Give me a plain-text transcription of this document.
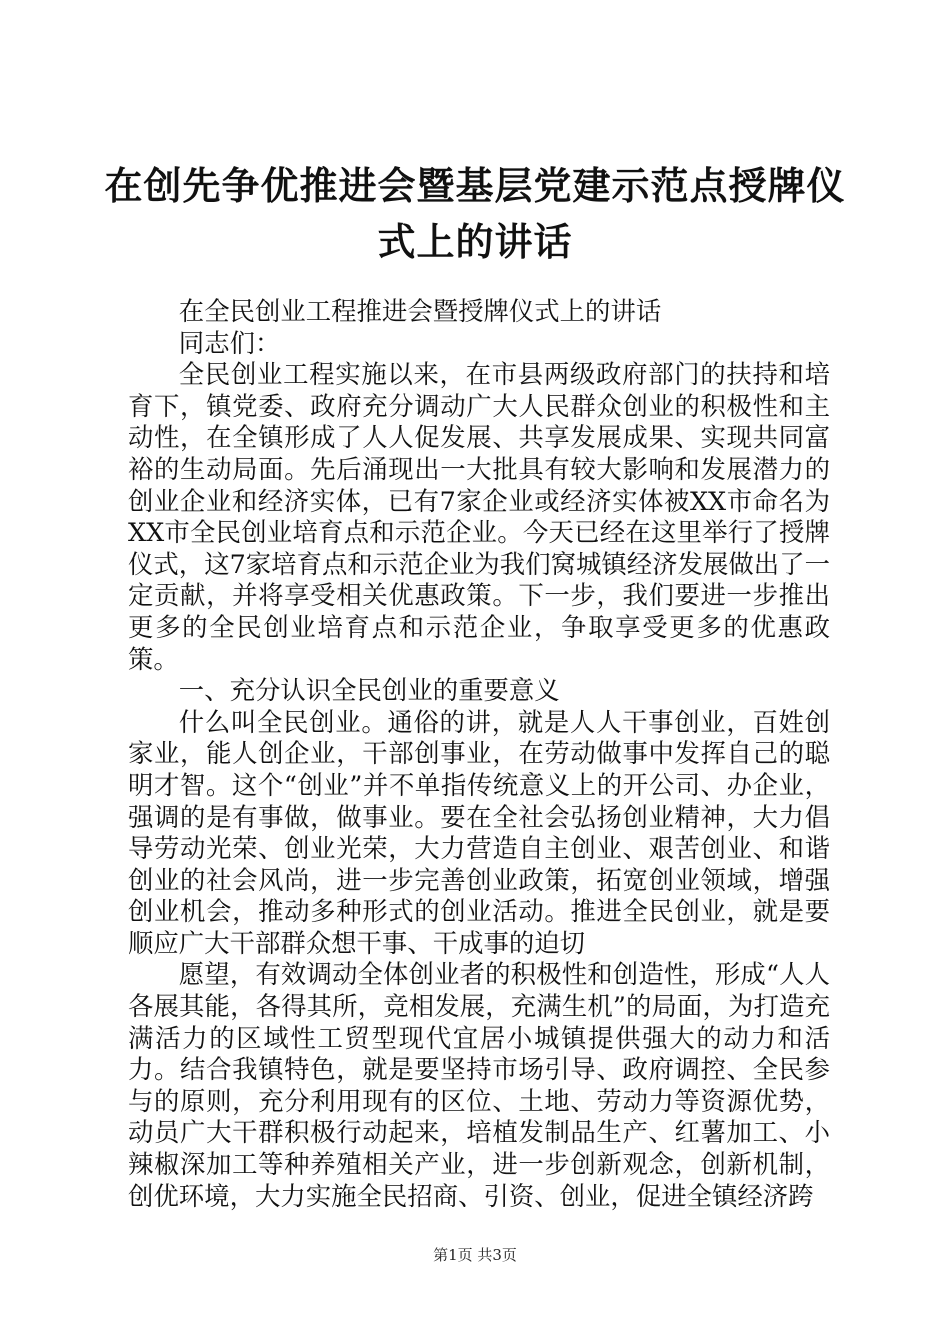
在创先争优推进会暨基层党建示范点授牌仪式上的讲话

在全民创业工程推进会暨授牌仪式上的讲话

同志们：

全民创业工程实施以来，在市县两级政府部门的扶持和培育下，镇党委、政府充分调动广大人民群众创业的积极性和主动性，在全镇形成了人人促发展、共享发展成果、实现共同富裕的生动局面。先后涌现出一大批具有较大影响和发展潜力的创业企业和经济实体，已有7家企业或经济实体被XX市命名为XX市全民创业培育点和示范企业。今天已经在这里举行了授牌仪式，这7家培育点和示范企业为我们窝城镇经济发展做出了一定贡献，并将享受相关优惠政策。下一步，我们要进一步推出更多的全民创业培育点和示范企业，争取享受更多的优惠政策。

一、充分认识全民创业的重要意义

什么叫全民创业。通俗的讲，就是人人干事创业，百姓创家业，能人创企业，干部创事业，在劳动做事中发挥自己的聪明才智。这个“创业”并不单指传统意义上的开公司、办企业，强调的是有事做，做事业。要在全社会弘扬创业精神，大力倡导劳动光荣、创业光荣，大力营造自主创业、艰苦创业、和谐创业的社会风尚，进一步完善创业政策，拓宽创业领域，增强创业机会，推动多种形式的创业活动。推进全民创业，就是要顺应广大干部群众想干事、干成事的迫切

愿望，有效调动全体创业者的积极性和创造性，形成“人人各展其能，各得其所，竞相发展，充满生机”的局面，为打造充满活力的区域性工贸型现代宜居小城镇提供强大的动力和活力。结合我镇特色，就是要坚持市场引导、政府调控、全民参与的原则，充分利用现有的区位、土地、劳动力等资源优势，动员广大干群积极行动起来，培植发制品生产、红薯加工、小辣椒深加工等种养殖相关产业，进一步创新观念，创新机制，创优环境，大力实施全民招商、引资、创业，促进全镇经济跨

第1页 共3页
